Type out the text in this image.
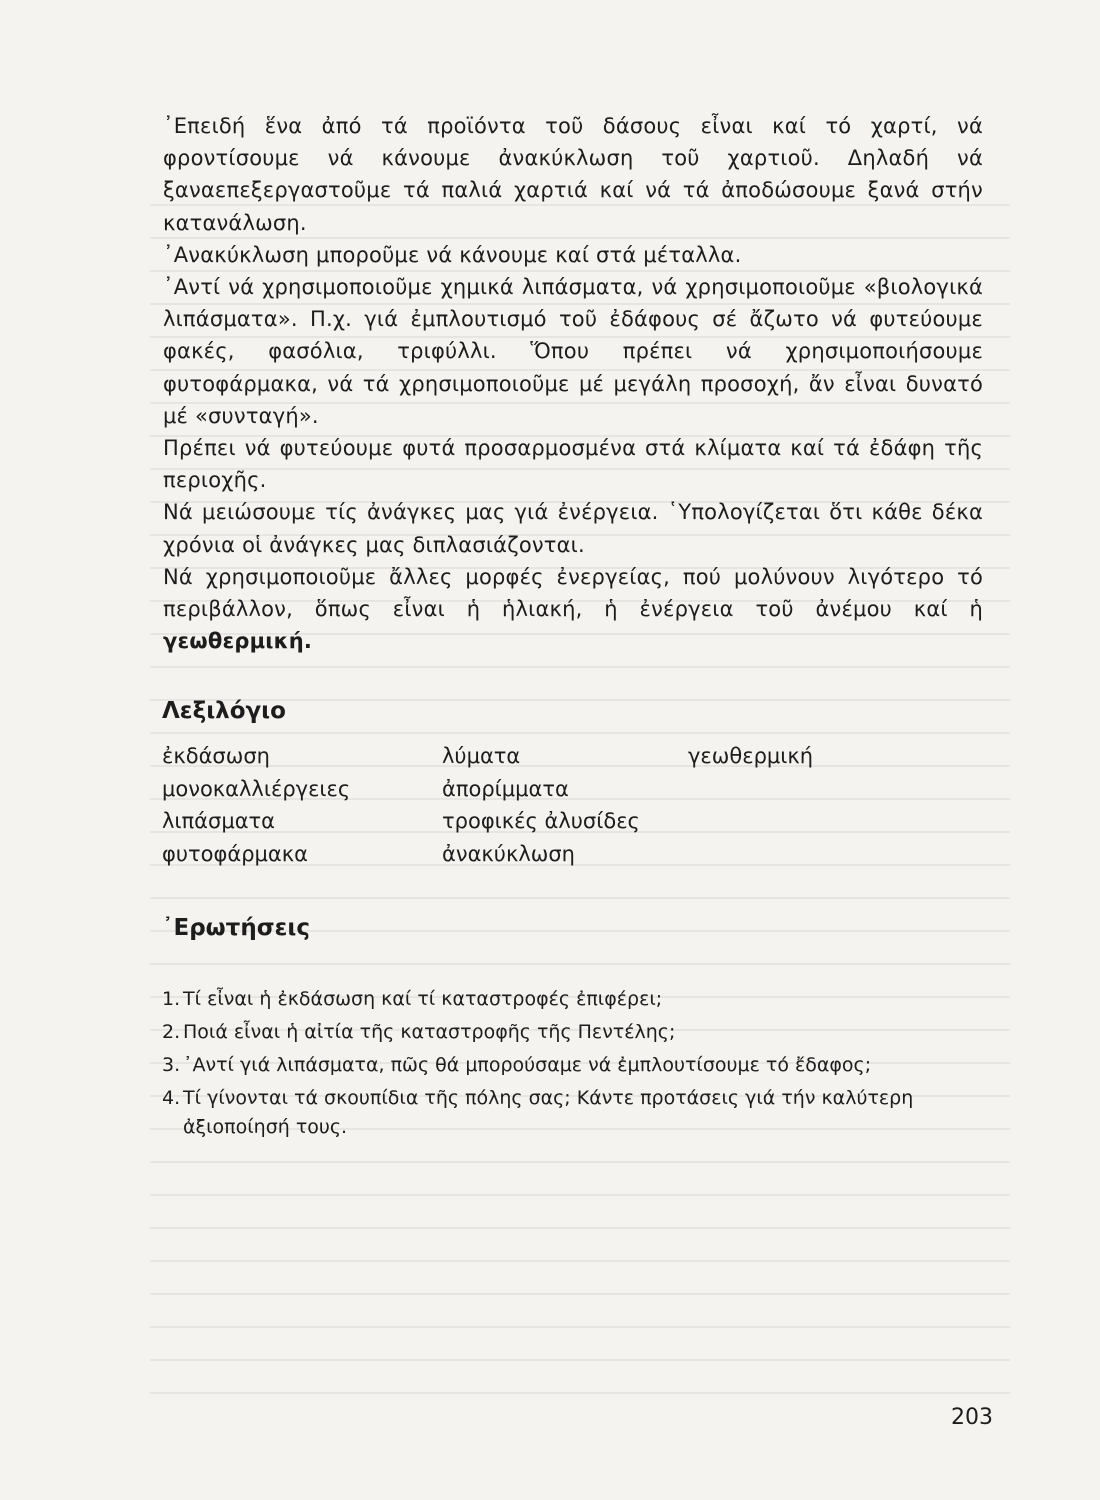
᾿Επειδή ἕνα ἀπό τά προϊόντα τοῦ δάσους εἶναι καί τό χαρτί, νά φροντίσουμε νά κάνουμε ἀνακύκλωση τοῦ χαρτιοῦ. Δηλαδή νά ξαναεπεξεργαστοῦμε τά παλιά χαρτιά καί νά τά ἀποδώσουμε ξανά στήν κατανάλωση.

᾿Ανακύκλωση μποροῦμε νά κάνουμε καί στά μέταλλα.

᾿Αντί νά χρησιμοποιοῦμε χημικά λιπάσματα, νά χρησιμοποιοῦμε «βιολογικά λιπάσματα». Π.χ. γιά ἐμπλουτισμό τοῦ ἐδάφους σέ ἄζωτο νά φυτεύουμε φακές, φασόλια, τριφύλλι. Ὅπου πρέπει νά χρησιμοποιήσουμε φυτοφάρμακα, νά τά χρησιμοποιοῦμε μέ μεγάλη προσοχή, ἄν εἶναι δυνατό μέ «συνταγή».

Πρέπει νά φυτεύουμε φυτά προσαρμοσμένα στά κλίματα καί τά ἐδάφη τῆς περιοχῆς.

Νά μειώσουμε τίς ἀνάγκες μας γιά ἐνέργεια. ῾Υπολογίζεται ὅτι κάθε δέκα χρόνια οἱ ἀνάγκες μας διπλασιάζονται.

Νά χρησιμοποιοῦμε ἄλλες μορφές ἐνεργείας, πού μολύνουν λιγότερο τό περιβάλλον, ὅπως εἶναι ἡ ἡλιακή, ἡ ἐνέργεια τοῦ ἀνέμου καί ἡ γεωθερμική.

Λεξιλόγιο
ἐκδάσωση
μονοκαλλιέργειες
λιπάσματα
φυτοφάρμακα
λύματα
ἀπορίμματα
τροφικές ἀλυσίδες
ἀνακύκλωση
γεωθερμική
᾿Ερωτήσεις
1. Τί εἶναι ἡ ἐκδάσωση καί τί καταστροφές ἐπιφέρει;
2. Ποιά εἶναι ἡ αἰτία τῆς καταστροφῆς τῆς Πεντέλης;
3. ᾿Αντί γιά λιπάσματα, πῶς θά μπορούσαμε νά ἐμπλουτίσουμε τό ἔδαφος;
4. Τί γίνονται τά σκουπίδια τῆς πόλης σας; Κάντε προτάσεις γιά τήν καλύτερη ἀξιοποίησή τους.
203
